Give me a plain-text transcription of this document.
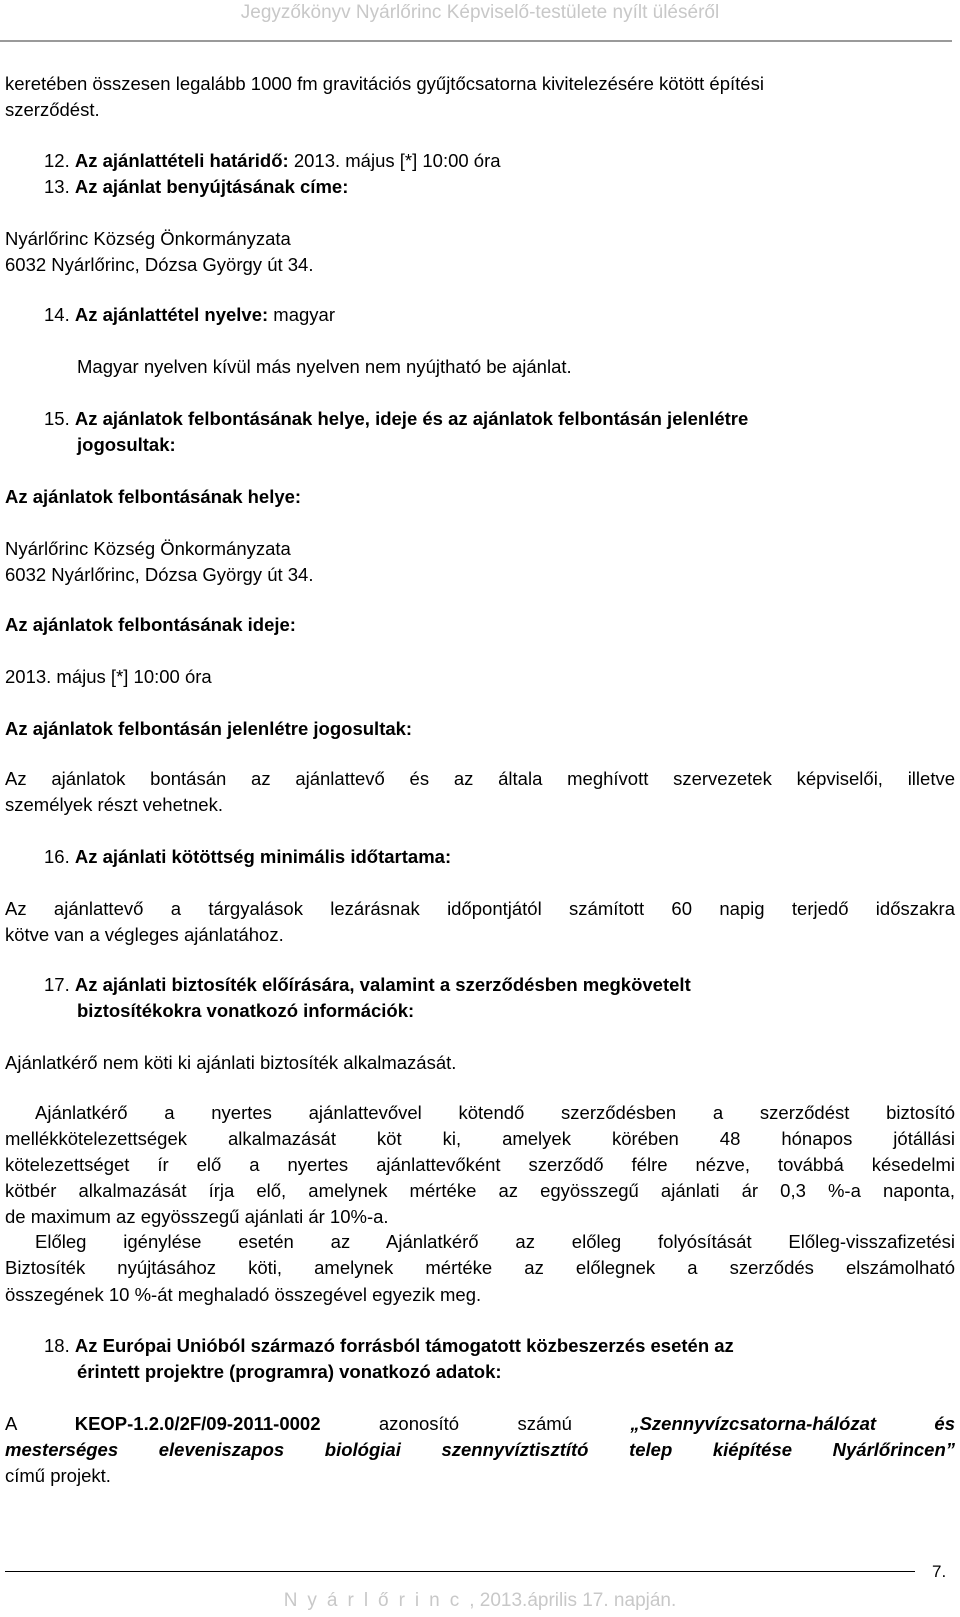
Jegyzőkönyv Nyárlőrinc Képviselő-testülete nyílt üléséről
keretében összesen legalább 1000 fm gravitációs gyűjtőcsatorna kivitelezésére kötött építési
szerződést.
12. Az ajánlattételi határidő: 2013. május [*] 10:00 óra
13. Az ajánlat benyújtásának címe:
Nyárlőrinc Község Önkormányzata
6032 Nyárlőrinc, Dózsa György út 34.
14. Az ajánlattétel nyelve: magyar
Magyar nyelven kívül más nyelven nem nyújtható be ajánlat.
15. Az ajánlatok felbontásának helye, ideje és az ajánlatok felbontásán jelenlétre
jogosultak:
Az ajánlatok felbontásának helye:
Nyárlőrinc Község Önkormányzata
6032 Nyárlőrinc, Dózsa György út 34.
Az ajánlatok felbontásának ideje:
2013. május [*] 10:00 óra
Az ajánlatok felbontásán jelenlétre jogosultak:
Az ajánlatok bontásán az ajánlattevő és az általa meghívott szervezetek képviselői, illetve
személyek részt vehetnek.
16. Az ajánlati kötöttség minimális időtartama:
Az ajánlattevő a tárgyalások lezárásnak időpontjától számított 60 napig terjedő időszakra
kötve van a végleges ajánlatához.
17. Az ajánlati biztosíték előírására, valamint a szerződésben megkövetelt
biztosítékokra vonatkozó információk:
Ajánlatkérő nem köti ki ajánlati biztosíték alkalmazását.
Ajánlatkérő a nyertes ajánlattevővel kötendő szerződésben a szerződést biztosító
mellékkötelezettségek alkalmazását köt ki, amelyek körében 48 hónapos jótállási
kötelezettséget ír elő a nyertes ajánlattevőként szerződő félre nézve, továbbá késedelmi
kötbér alkalmazását írja elő, amelynek mértéke az egyösszegű ajánlati ár 0,3 %-a naponta,
de maximum az egyösszegű ajánlati ár 10%-a.
Előleg igénylése esetén az Ajánlatkérő az előleg folyósítását Előleg-visszafizetési
Biztosíték nyújtásához köti, amelynek mértéke az előlegnek a szerződés elszámolható
összegének 10 %-át meghaladó összegével egyezik meg.
18. Az Európai Unióból származó forrásból támogatott közbeszerzés esetén az
érintett projektre (programra) vonatkozó adatok:
A	KEOP-1.2.0/2F/09-2011-0002	azonosító számú	„Szennyvízcsatorna-hálózat és
mesterséges eleveniszapos biológiai szennyvíztisztító telep kiépítése Nyárlőrincen”
című projekt.
7.
Nyárlőrinc, 2013.április 17. napján.
